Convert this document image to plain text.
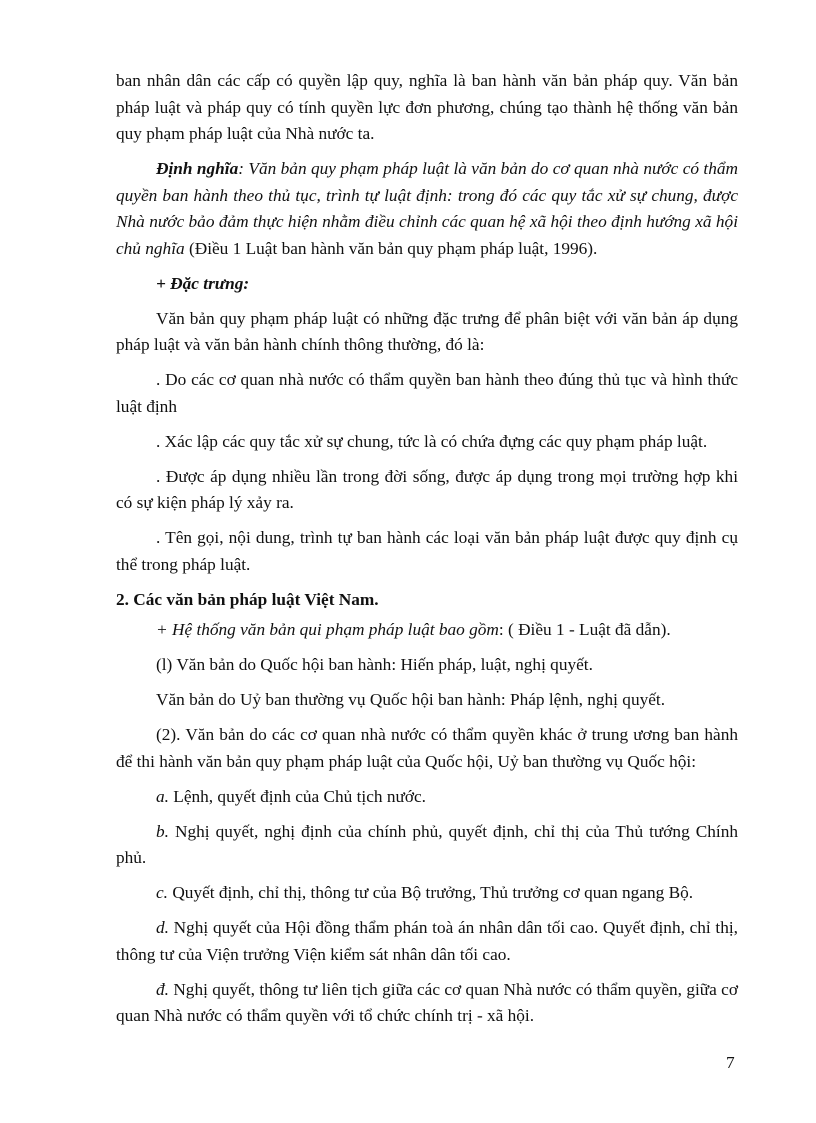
ban nhân dân các cấp có quyền lập quy, nghĩa là ban hành văn bản pháp quy. Văn bản pháp luật và pháp quy có tính quyền lực đơn phương, chúng tạo thành hệ thống văn bản quy phạm pháp luật của Nhà nước ta.

Định nghĩa: Văn bản quy phạm pháp luật là văn bản do cơ quan nhà nước có thẩm quyền ban hành theo thủ tục, trình tự luật định: trong đó các quy tắc xử sự chung, được Nhà nước bảo đảm thực hiện nhằm điều chỉnh các quan hệ xã hội theo định hướng xã hội chủ nghĩa (Điều 1 Luật ban hành văn bản quy phạm pháp luật, 1996).

+ Đặc trưng:

Văn bản quy phạm pháp luật có những đặc trưng để phân biệt với văn bản áp dụng pháp luật và văn bản hành chính thông thường, đó là:

. Do các cơ quan nhà nước có thẩm quyền ban hành theo đúng thủ tục và hình thức luật định

. Xác lập các quy tắc xử sự chung, tức là có chứa đựng các quy phạm pháp luật.

. Được áp dụng nhiều lần trong đời sống, được áp dụng trong mọi trường hợp khi có sự kiện pháp lý xảy ra.

. Tên gọi, nội dung, trình tự ban hành các loại văn bản pháp luật được quy định cụ thể trong pháp luật.

2. Các văn bản pháp luật Việt Nam.

+ Hệ thống văn bản qui phạm pháp luật bao gồm: ( Điều 1 - Luật đã dẫn).

(l) Văn bản do Quốc hội ban hành: Hiến pháp, luật, nghị quyết.

Văn bản do Uỷ ban thường vụ Quốc hội ban hành: Pháp lệnh, nghị quyết.

(2). Văn bản do các cơ quan nhà nước có thẩm quyền khác ở trung ương ban hành để thi hành văn bản quy phạm pháp luật của Quốc hội, Uỷ ban thường vụ Quốc hội:

a. Lệnh, quyết định của Chủ tịch nước.

b. Nghị quyết, nghị định của chính phủ, quyết định, chỉ thị của Thủ tướng Chính phủ.

c. Quyết định, chỉ thị, thông tư của Bộ trưởng, Thủ trưởng cơ quan ngang Bộ.

d. Nghị quyết của Hội đồng thẩm phán toà án nhân dân tối cao. Quyết định, chỉ thị, thông tư của Viện trưởng Viện kiểm sát nhân dân tối cao.

đ. Nghị quyết, thông tư liên tịch giữa các cơ quan Nhà nước có thẩm quyền, giữa cơ quan Nhà nước có thẩm quyền với tổ chức chính trị - xã hội.

7
